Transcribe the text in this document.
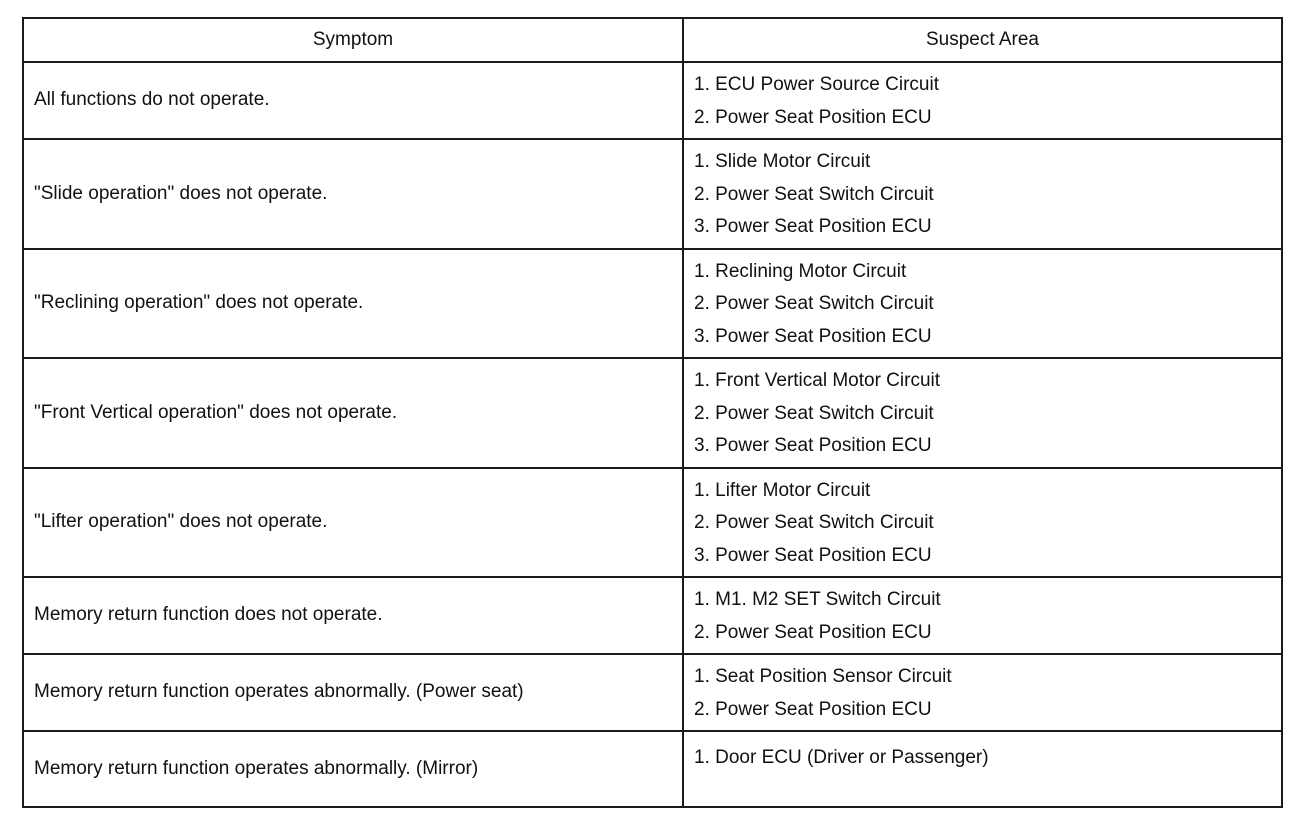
Symptom	Suspect Area
All functions do not operate.	1. ECU Power Source Circuit
2. Power Seat Position ECU

"Slide operation" does not operate.	1. Slide Motor Circuit
2. Power Seat Switch Circuit
3. Power Seat Position ECU

"Reclining operation" does not operate.	1. Reclining Motor Circuit
2. Power Seat Switch Circuit
3. Power Seat Position ECU

"Front Vertical operation" does not operate.	1. Front Vertical Motor Circuit
2. Power Seat Switch Circuit
3. Power Seat Position ECU

"Lifter operation" does not operate.	1. Lifter Motor Circuit
2. Power Seat Switch Circuit
3. Power Seat Position ECU

Memory return function does not operate.	1. M1. M2 SET Switch Circuit
2. Power Seat Position ECU

Memory return function operates abnormally. (Power seat)	1. Seat Position Sensor Circuit
2. Power Seat Position ECU

Memory return function operates abnormally. (Mirror)	1. Door ECU (Driver or Passenger)
